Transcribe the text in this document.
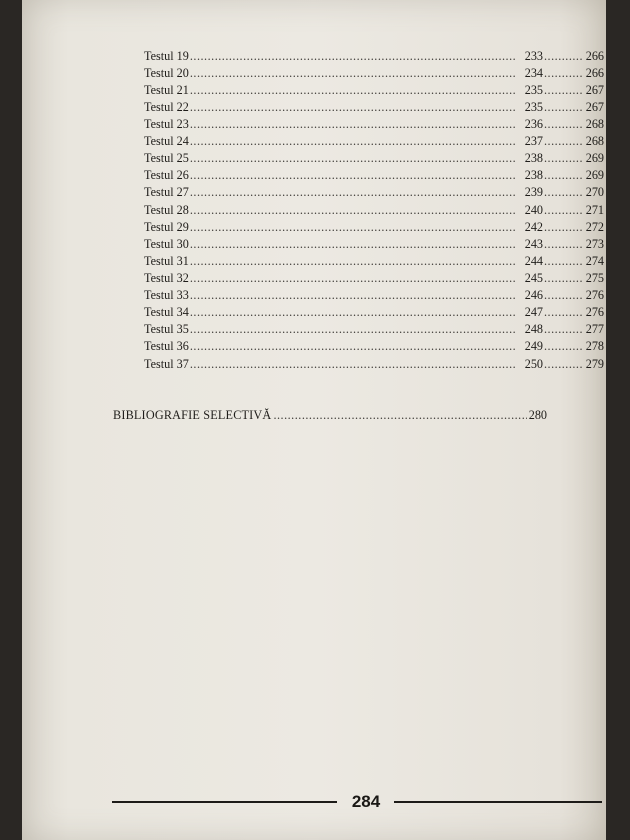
Testul 19 .....	233 .....	266
Testul 20 .....	234 .....	266
Testul 21 .....	235 .....	267
Testul 22 .....	235 .....	267
Testul 23 .....	236 .....	268
Testul 24 .....	237 .....	268
Testul 25 .....	238 .....	269
Testul 26 .....	238 .....	269
Testul 27 .....	239 .....	270
Testul 28 .....	240 .....	271
Testul 29 .....	242 .....	272
Testul 30 .....	243 .....	273
Testul 31 .....	244 .....	274
Testul 32 .....	245 .....	275
Testul 33 .....	246 .....	276
Testul 34 .....	247 .....	276
Testul 35 .....	248 .....	277
Testul 36 .....	249 .....	278
Testul 37 .....	250 .....	279
BIBLIOGRAFIE SELECTIVĂ .....	280
284
